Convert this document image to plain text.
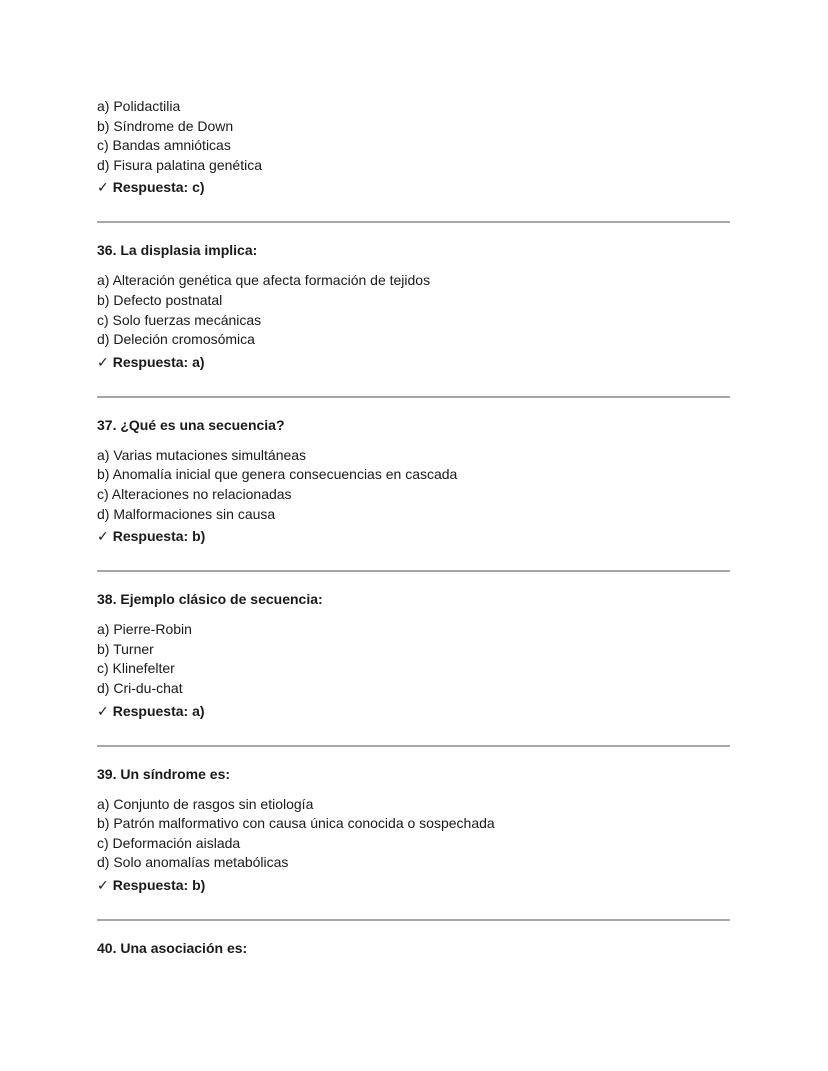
a) Polidactilia
b) Síndrome de Down
c) Bandas amnióticas
d) Fisura palatina genética
✓ Respuesta: c)
36. La displasia implica:
a) Alteración genética que afecta formación de tejidos
b) Defecto postnatal
c) Solo fuerzas mecánicas
d) Deleción cromosómica
✓ Respuesta: a)
37. ¿Qué es una secuencia?
a) Varias mutaciones simultáneas
b) Anomalía inicial que genera consecuencias en cascada
c) Alteraciones no relacionadas
d) Malformaciones sin causa
✓ Respuesta: b)
38. Ejemplo clásico de secuencia:
a) Pierre-Robin
b) Turner
c) Klinefelter
d) Cri-du-chat
✓ Respuesta: a)
39. Un síndrome es:
a) Conjunto de rasgos sin etiología
b) Patrón malformativo con causa única conocida o sospechada
c) Deformación aislada
d) Solo anomalías metabólicas
✓ Respuesta: b)
40. Una asociación es:
